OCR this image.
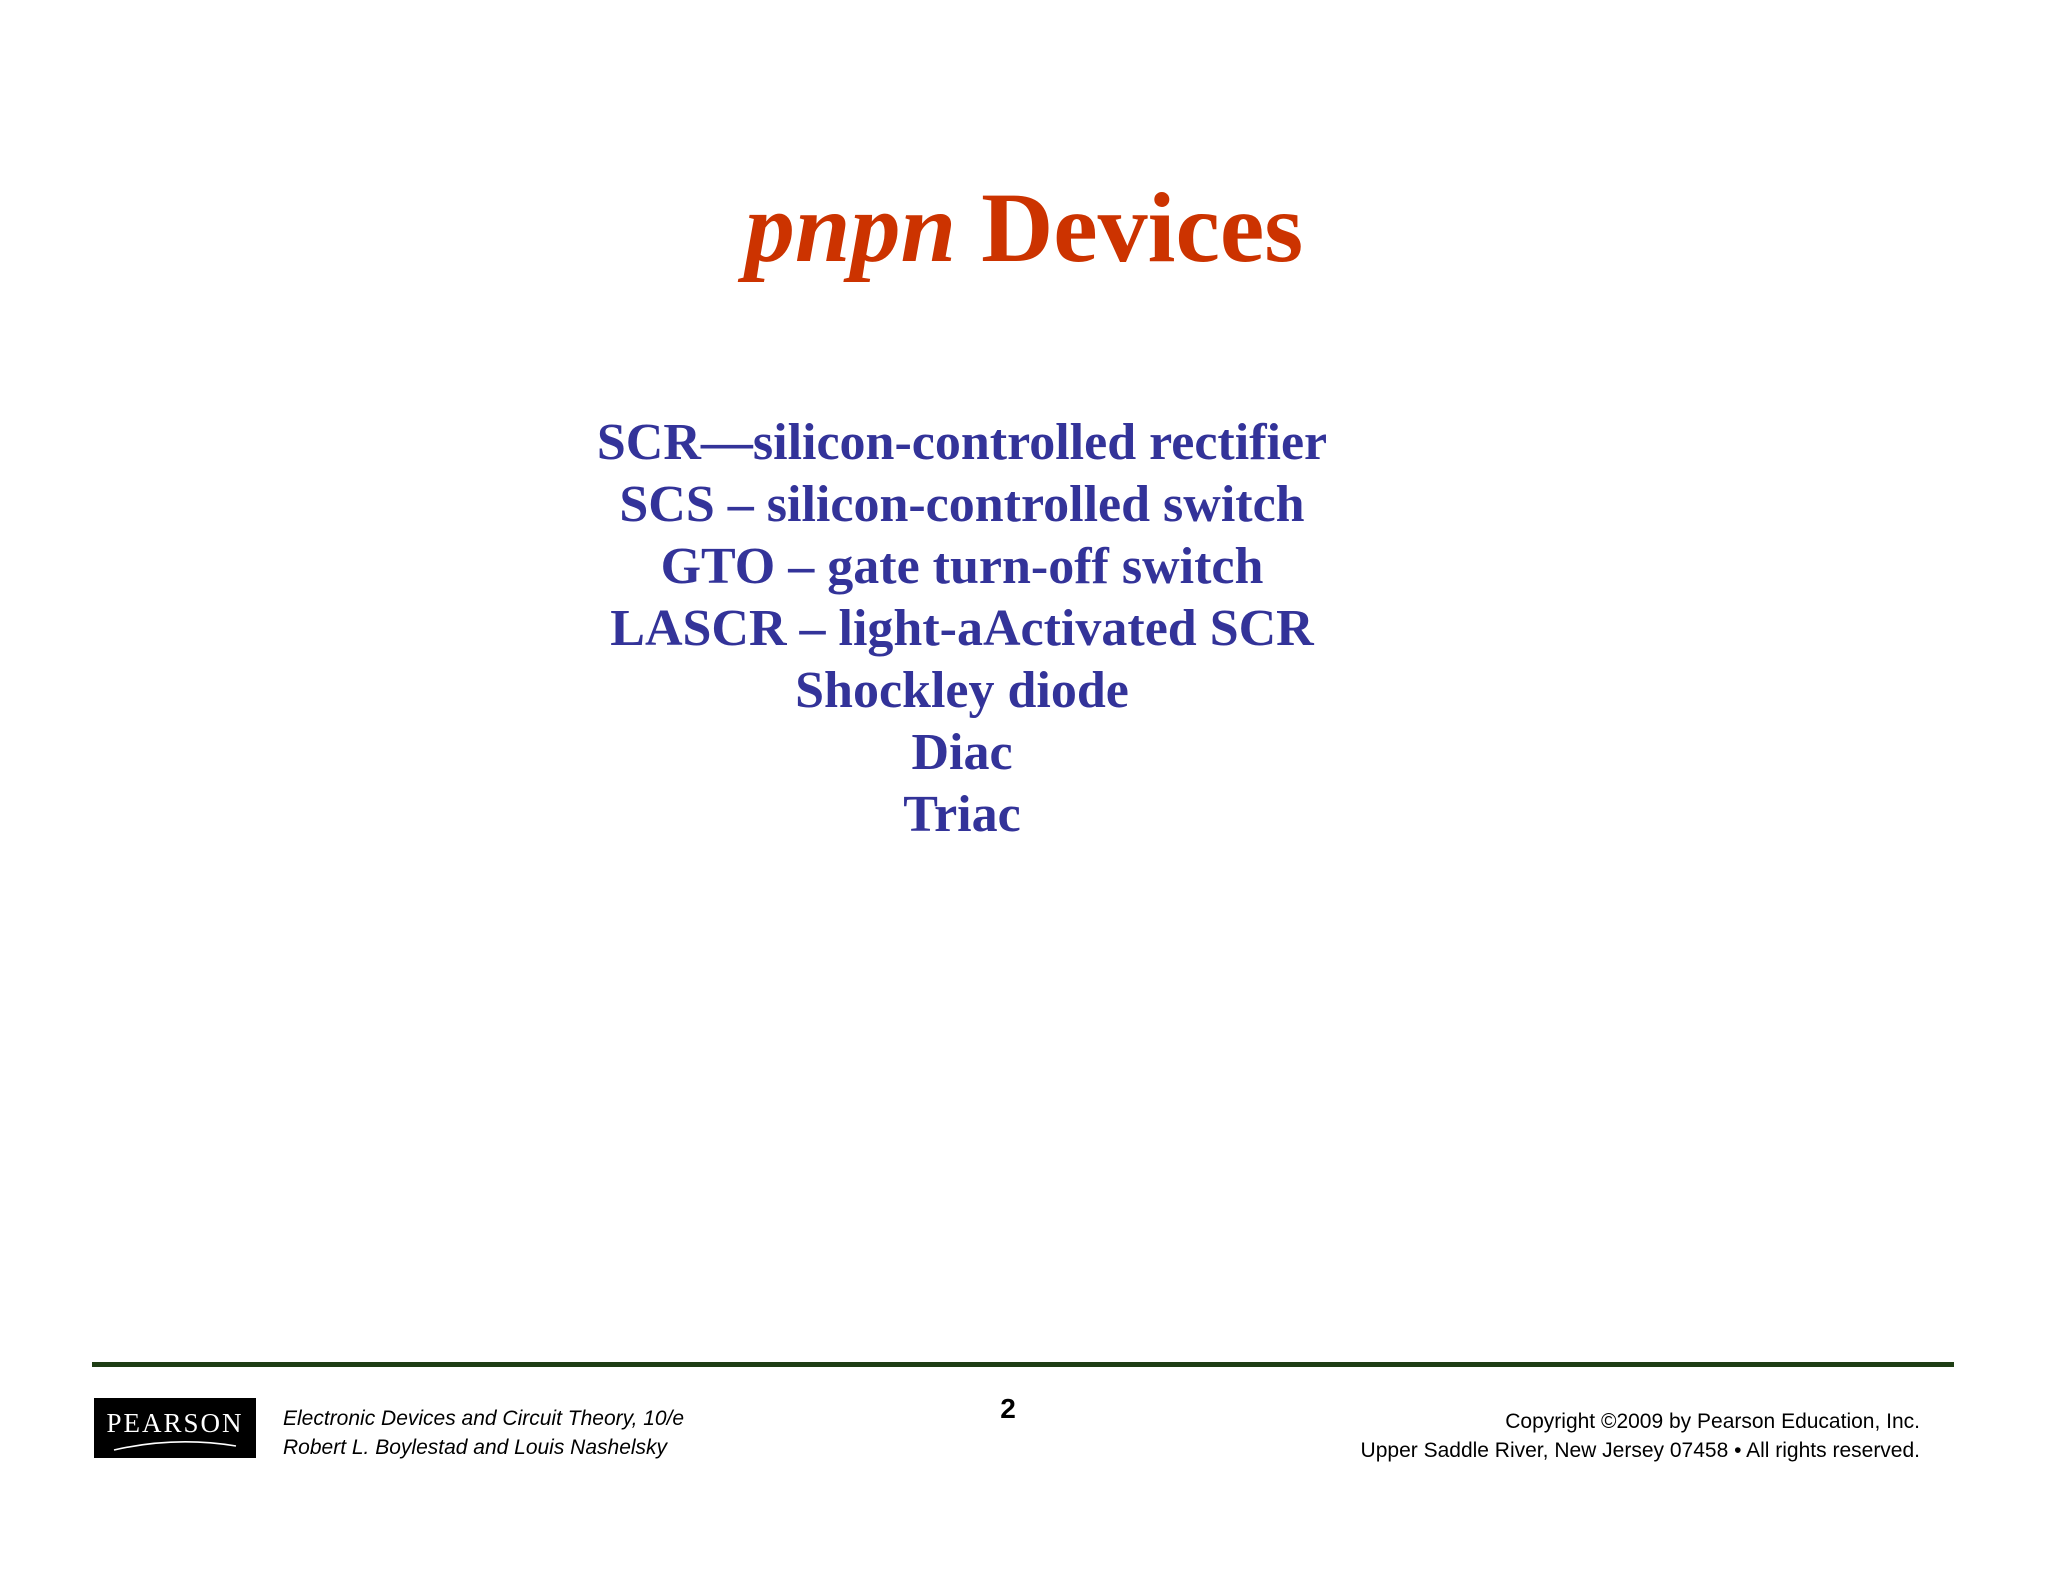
pnpn Devices
SCR—silicon-controlled rectifier
SCS – silicon-controlled switch
GTO – gate turn-off switch
LASCR – light-aActivated SCR
Shockley diode
Diac
Triac
PEARSON	Electronic Devices and Circuit Theory, 10/e
Robert L. Boylestad and Louis Nashelsky
2	Copyright ©2009 by Pearson Education, Inc.
Upper Saddle River, New Jersey 07458 • All rights reserved.
